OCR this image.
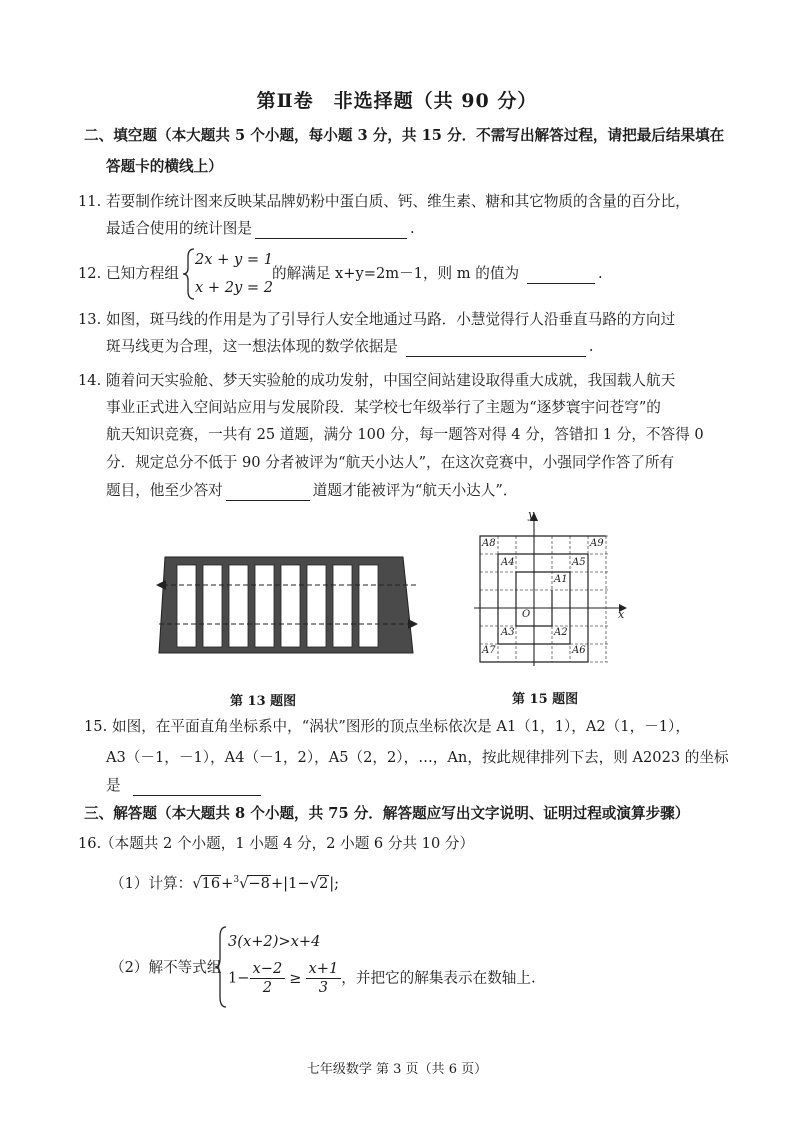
第Ⅱ卷　非选择题（共 90 分）
二、填空题（本大题共 5 个小题，每小题 3 分，共 15 分．不需写出解答过程，请把最后结果填在
答题卡的横线上）
11. 若要制作统计图来反映某品牌奶粉中蛋白质、钙、维生素、糖和其它物质的含量的百分比，
最适合使用的统计图是	.
12. 已知方程组
2x + y = 1
x + 2y = 2
的解满足 x+y=2m－1，则 m 的值为	.
13. 如图，斑马线的作用是为了引导行人安全地通过马路．小慧觉得行人沿垂直马路的方向过
斑马线更为合理，这一想法体现的数学依据是	.
14. 随着问天实验舱、梦天实验舱的成功发射，中国空间站建设取得重大成就，我国载人航天
事业正式进入空间站应用与发展阶段．某学校七年级举行了主题为“逐梦寰宇问苍穹”的
航天知识竞赛，一共有 25 道题，满分 100 分，每一题答对得 4 分，答错扣 1 分，不答得 0
分．规定总分不低于 90 分者被评为“航天小达人”，在这次竞赛中，小强同学作答了所有
题目，他至少答对	道题才能被评为“航天小达人”．
第 13 题图
y
x
O
A1
A2
A3
A4	A5
A6
A7
A8	A9
第 15 题图
15. 如图，在平面直角坐标系中，“涡状”图形的顶点坐标依次是 A1（1，1），A2（1，－1），
A3（－1，－1），A4（－1，2），A5（2，2），…，An，按此规律排列下去，则 A2023 的坐标
是
三、解答题（本大题共 8 个小题，共 75 分．解答题应写出文字说明、证明过程或演算步骤）
16.
（本题共 2 个小题，1 小题 4 分，2 小题 6 分共 10 分）
（1）计算：√16+$^3$√−8+|1−√2|;
（2）解不等式组
3(x+2)>x+4
$1- \frac{x-2}{2} \ge \frac{x+1}{3}$ ，并把它的解集表示在数轴上.
七年级数学 第 3 页（共 6 页）
